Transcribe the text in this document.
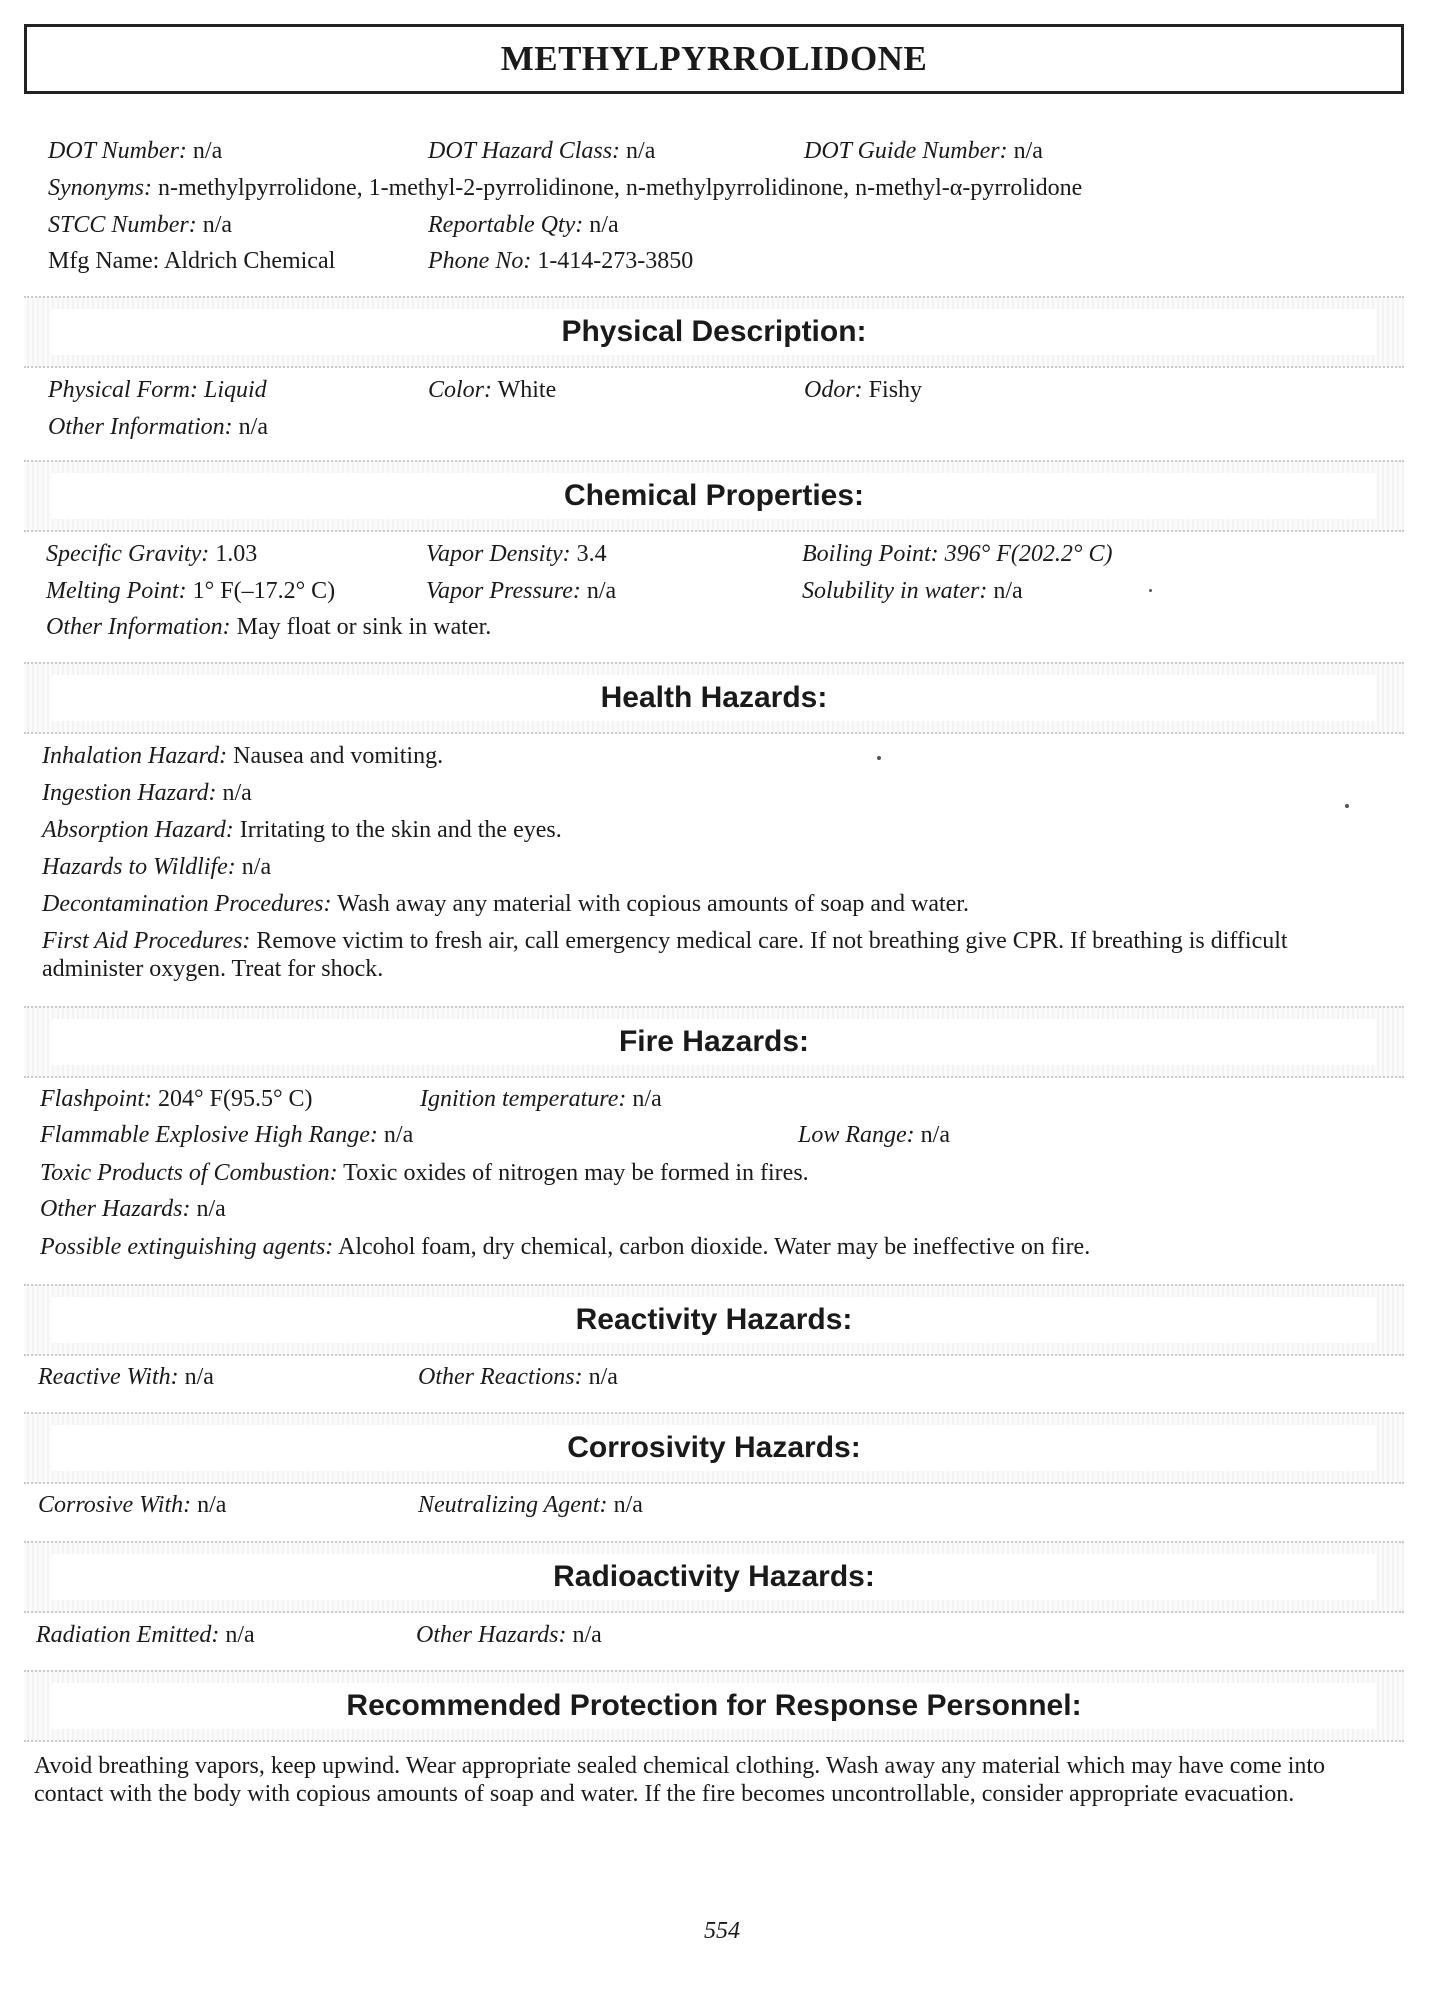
METHYLPYRROLIDONE
DOT Number: n/a	DOT Hazard Class: n/a	DOT Guide Number: n/a
Synonyms: n-methylpyrrolidone, 1-methyl-2-pyrrolidinone, n-methylpyrrolidinone, n-methyl-α-pyrrolidone
STCC Number: n/a	Reportable Qty: n/a
Mfg Name: Aldrich Chemical	Phone No: 1-414-273-3850
Physical Description:
Physical Form: Liquid	Color: White	Odor: Fishy
Other Information: n/a
Chemical Properties:
Specific Gravity: 1.03	Vapor Density: 3.4	Boiling Point: 396° F(202.2° C)
Melting Point: 1° F(–17.2° C)	Vapor Pressure: n/a	Solubility in water: n/a
Other Information: May float or sink in water.
Health Hazards:
Inhalation Hazard: Nausea and vomiting.
Ingestion Hazard: n/a
Absorption Hazard: Irritating to the skin and the eyes.
Hazards to Wildlife: n/a
Decontamination Procedures: Wash away any material with copious amounts of soap and water.
First Aid Procedures: Remove victim to fresh air, call emergency medical care. If not breathing give CPR. If breathing is difficult administer oxygen. Treat for shock.
Fire Hazards:
Flashpoint: 204° F(95.5° C)	Ignition temperature: n/a
Flammable Explosive High Range: n/a	Low Range: n/a
Toxic Products of Combustion: Toxic oxides of nitrogen may be formed in fires.
Other Hazards: n/a
Possible extinguishing agents: Alcohol foam, dry chemical, carbon dioxide. Water may be ineffective on fire.
Reactivity Hazards:
Reactive With: n/a	Other Reactions: n/a
Corrosivity Hazards:
Corrosive With: n/a	Neutralizing Agent: n/a
Radioactivity Hazards:
Radiation Emitted: n/a	Other Hazards: n/a
Recommended Protection for Response Personnel:
Avoid breathing vapors, keep upwind. Wear appropriate sealed chemical clothing. Wash away any material which may have come into contact with the body with copious amounts of soap and water. If the fire becomes uncontrollable, consider appropriate evacuation.
554
